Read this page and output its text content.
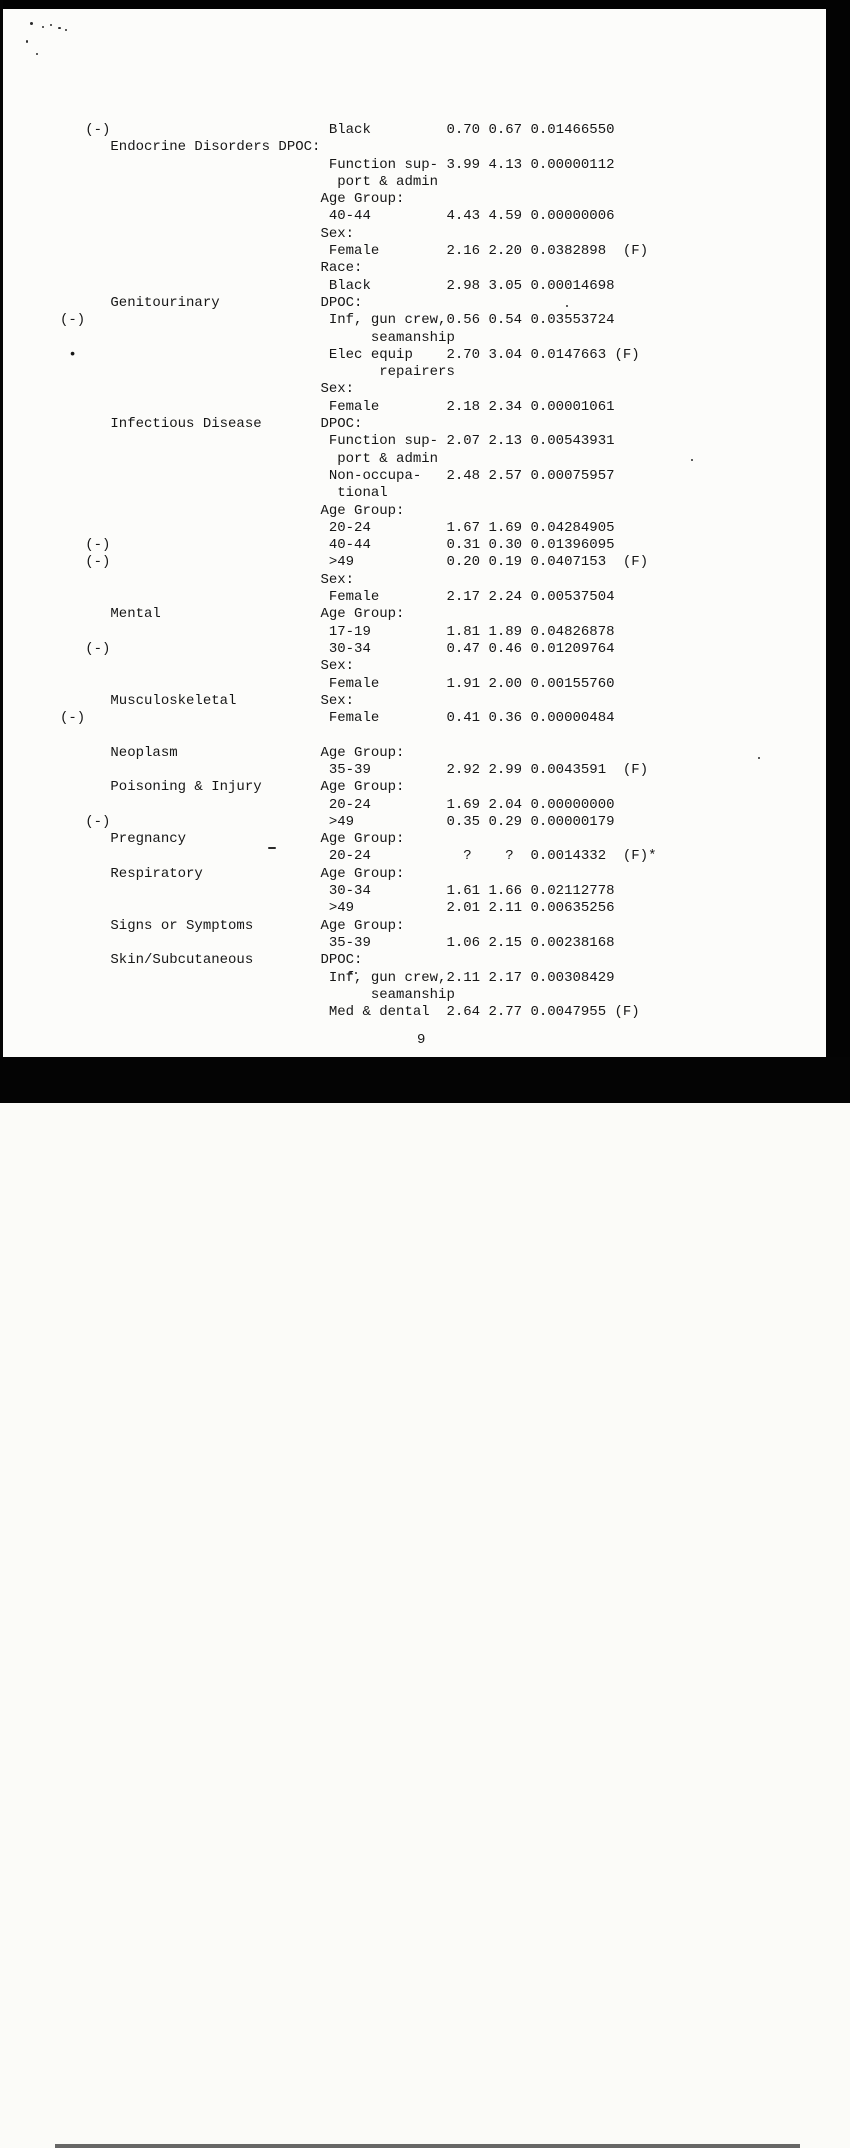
(-)                          Black         0.70 0.67 0.01466550
Endocrine Disorders DPOC:
Function sup- 3.99 4.13 0.00000112
port & admin
Age Group:
40-44         4.43 4.59 0.00000006
Sex:
Female        2.16 2.20 0.0382898  (F)
Race:
Black         2.98 3.05 0.00014698
Genitourinary            DPOC:
(-)                             Inf, gun crew,0.56 0.54 0.03553724
seamanship
•                              Elec equip    2.70 3.04 0.0147663 (F)
repairers
Sex:
Female        2.18 2.34 0.00001061
Infectious Disease       DPOC:
Function sup- 2.07 2.13 0.00543931
port & admin
Non-occupa-   2.48 2.57 0.00075957
tional
Age Group:
20-24         1.67 1.69 0.04284905
(-)                          40-44         0.31 0.30 0.01396095
(-)                          >49           0.20 0.19 0.0407153  (F)
Sex:
Female        2.17 2.24 0.00537504
Mental                   Age Group:
17-19         1.81 1.89 0.04826878
(-)                          30-34         0.47 0.46 0.01209764
Sex:
Female        1.91 2.00 0.00155760
Musculoskeletal          Sex:
(-)                             Female        0.41 0.36 0.00000484

Neoplasm                 Age Group:
35-39         2.92 2.99 0.0043591  (F)
Poisoning & Injury       Age Group:
20-24         1.69 2.04 0.00000000
(-)                          >49           0.35 0.29 0.00000179
Pregnancy                Age Group:
20-24           ?    ?  0.0014332  (F)*
Respiratory              Age Group:
30-34         1.61 1.66 0.02112778
>49           2.01 2.11 0.00635256
Signs or Symptoms        Age Group:
35-39         1.06 2.15 0.00238168
Skin/Subcutaneous        DPOC:
Inf, gun crew,2.11 2.17 0.00308429
seamanship
Med & dental  2.64 2.77 0.0047955 (F)
9
